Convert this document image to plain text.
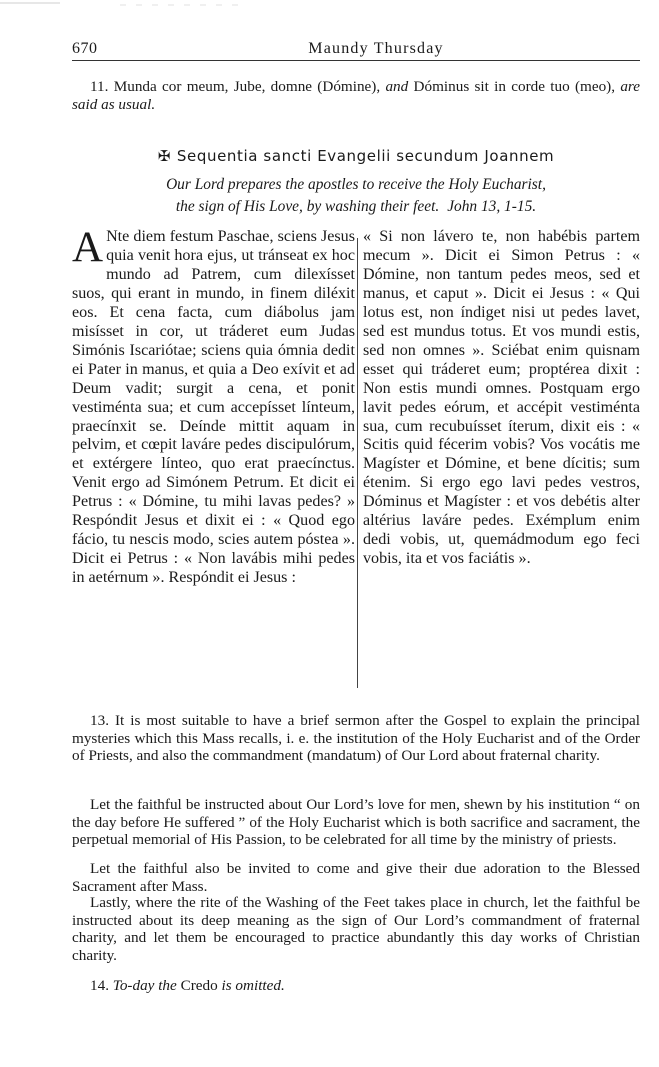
670	Maundy Thursday

11. Munda cor meum, Jube, domne (Dómine), and Dóminus sit in corde tuo (meo), are said as usual.

✠ Sequentia sancti Evangelii secundum Joannem
Our Lord prepares the apostles to receive the Holy Eucharist,
the sign of His Love, by washing their feet. John 13, 1-15.

A Nte diem festum Paschae, sciens Jesus quia venit hora ejus, ut tránseat ex hoc mundo ad Patrem, cum dilexísset suos, qui erant in mundo, in finem diléxit eos. Et cena facta, cum diábolus jam misísset in cor, ut tráderet eum Judas Simónis Iscariótae; sciens quia ómnia dedit ei Pater in manus, et quia a Deo exívit et ad Deum vadit; surgit a cena, et ponit vestiménta sua; et cum accepísset línteum, praecínxit se. Deínde mittit aquam in pelvim, et cœpit laváre pedes discipulórum, et extérgere línteo, quo erat praecínctus. Venit ergo ad Simónem Petrum. Et dicit ei Petrus : « Dómine, tu mihi lavas pedes? » Respóndit Jesus et dixit ei : « Quod ego fácio, tu nescis modo, scies autem póstea ». Dicit ei Petrus : « Non lavábis mihi pedes in aetérnum ». Respóndit ei Jesus :

« Si non lávero te, non habébis partem mecum ». Dicit ei Simon Petrus : « Dómine, non tantum pedes meos, sed et manus, et caput ». Dicit ei Jesus : « Qui lotus est, non índiget nisi ut pedes lavet, sed est mundus totus. Et vos mundi estis, sed non omnes ». Sciébat enim quisnam esset qui tráderet eum; proptérea dixit : Non estis mundi omnes. Postquam ergo lavit pedes eórum, et accépit vestiménta sua, cum recubuísset íterum, dixit eis : « Scitis quid fécerim vobis? Vos vocátis me Magíster et Dómine, et bene dícitis; sum étenim. Si ergo ego lavi pedes vestros, Dóminus et Magíster : et vos debétis alter altérius laváre pedes. Exémplum enim dedi vobis, ut, quemádmodum ego feci vobis, ita et vos faciátis ».

13. It is most suitable to have a brief sermon after the Gospel to explain the principal mysteries which this Mass recalls, i. e. the institution of the Holy Eucharist and of the Order of Priests, and also the commandment (mandatum) of Our Lord about fraternal charity.

Let the faithful be instructed about Our Lord’s love for men, shewn by his institution “ on the day before He suffered ” of the Holy Eucharist which is both sacrifice and sacrament, the perpetual memorial of His Passion, to be celebrated for all time by the ministry of priests.

Let the faithful also be invited to come and give their due adoration to the Blessed Sacrament after Mass.

Lastly, where the rite of the Washing of the Feet takes place in church, let the faithful be instructed about its deep meaning as the sign of Our Lord’s commandment of fraternal charity, and let them be encouraged to practice abundantly this day works of Christian charity.

14. To-day the Credo is omitted.
